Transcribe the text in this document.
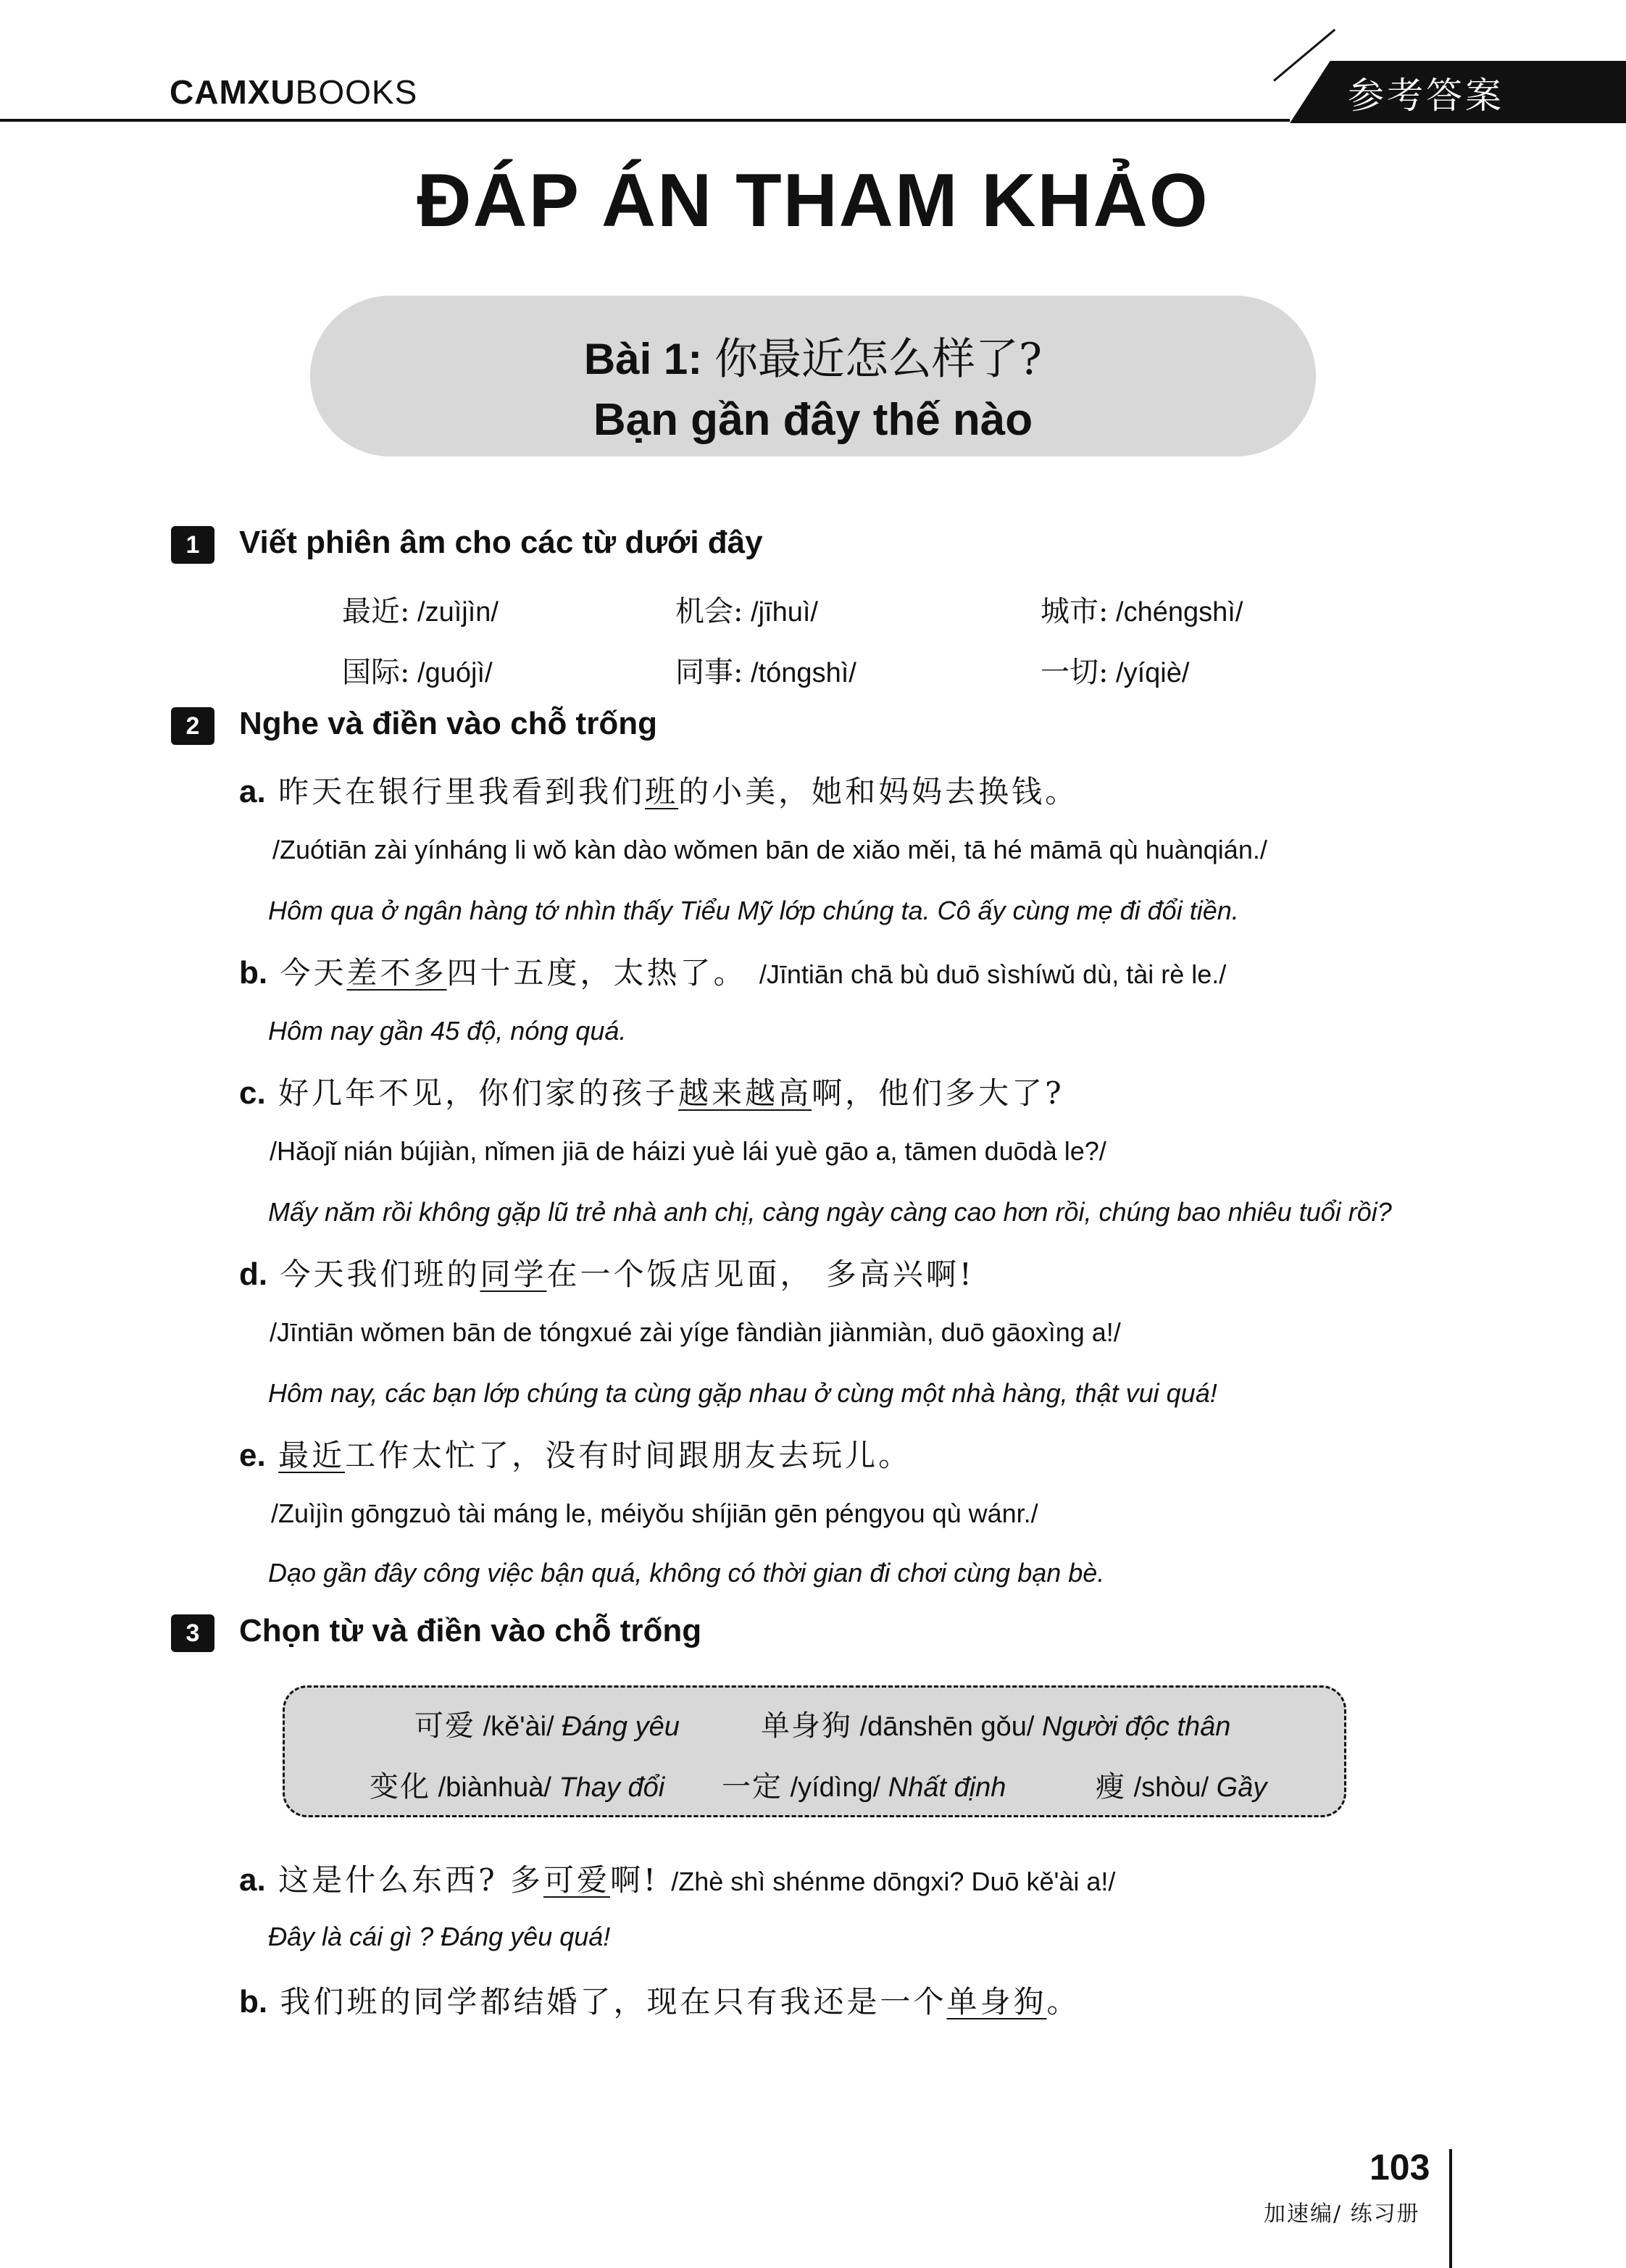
CAMXUBOOKS	参考答案
ĐÁP ÁN THAM KHẢO
Bài 1: 你最近怎么样了?
Bạn gần đây thế nào
1	Viết phiên âm cho các từ dưới đây
最近: /zuìjìn/	机会: /jīhuì/	城市: /chéngshì/
国际: /guójì/	同事: /tóngshì/	一切: /yíqiè/
2	Nghe và điền vào chỗ trống
a. 昨天在银行里我看到我们班的小美，她和妈妈去换钱。
/Zuótiān zài yínháng li wǒ kàn dào wǒmen bān de xiǎo měi, tā hé māmā qù huànqián./
Hôm qua ở ngân hàng tớ nhìn thấy Tiểu Mỹ lớp chúng ta. Cô ấy cùng mẹ đi đổi tiền.
b. 今天差不多四十五度，太热了。 /Jīntiān chā bù duō sìshíwǔ dù, tài rè le./
Hôm nay gần 45 độ, nóng quá.
c. 好几年不见，你们家的孩子越来越高啊，他们多大了?
/Hǎojǐ nián bújiàn, nǐmen jiā de háizi yuè lái yuè gāo a, tāmen duōdà le?/
Mấy năm rồi không gặp lũ trẻ nhà anh chị, càng ngày càng cao hơn rồi, chúng bao nhiêu tuổi rồi?
d. 今天我们班的同学在一个饭店见面， 多高兴啊!
/Jīntiān wǒmen bān de tóngxué zài yíge fàndiàn jiànmiàn, duō gāoxìng a!/
Hôm nay, các bạn lớp chúng ta cùng gặp nhau ở cùng một nhà hàng, thật vui quá!
e. 最近工作太忙了，没有时间跟朋友去玩儿。
/Zuìjìn gōngzuò tài máng le, méiyǒu shíjiān gēn péngyou qù wánr./
Dạo gần đây công việc bận quá, không có thời gian đi chơi cùng bạn bè.
3	Chọn từ và điền vào chỗ trống
可爱 /kě'ài/ Đáng yêu	单身狗 /dānshēn gǒu/ Người độc thân
变化 /biànhuà/ Thay đổi 一定 /yídìng/ Nhất định	瘦 /shòu/ Gầy
a. 这是什么东西? 多可爱啊! /Zhè shì shénme dōngxi? Duō kě'ài a!/
Đây là cái gì ? Đáng yêu quá!
b. 我们班的同学都结婚了，现在只有我还是一个单身狗。
103
加速编/ 练习册
